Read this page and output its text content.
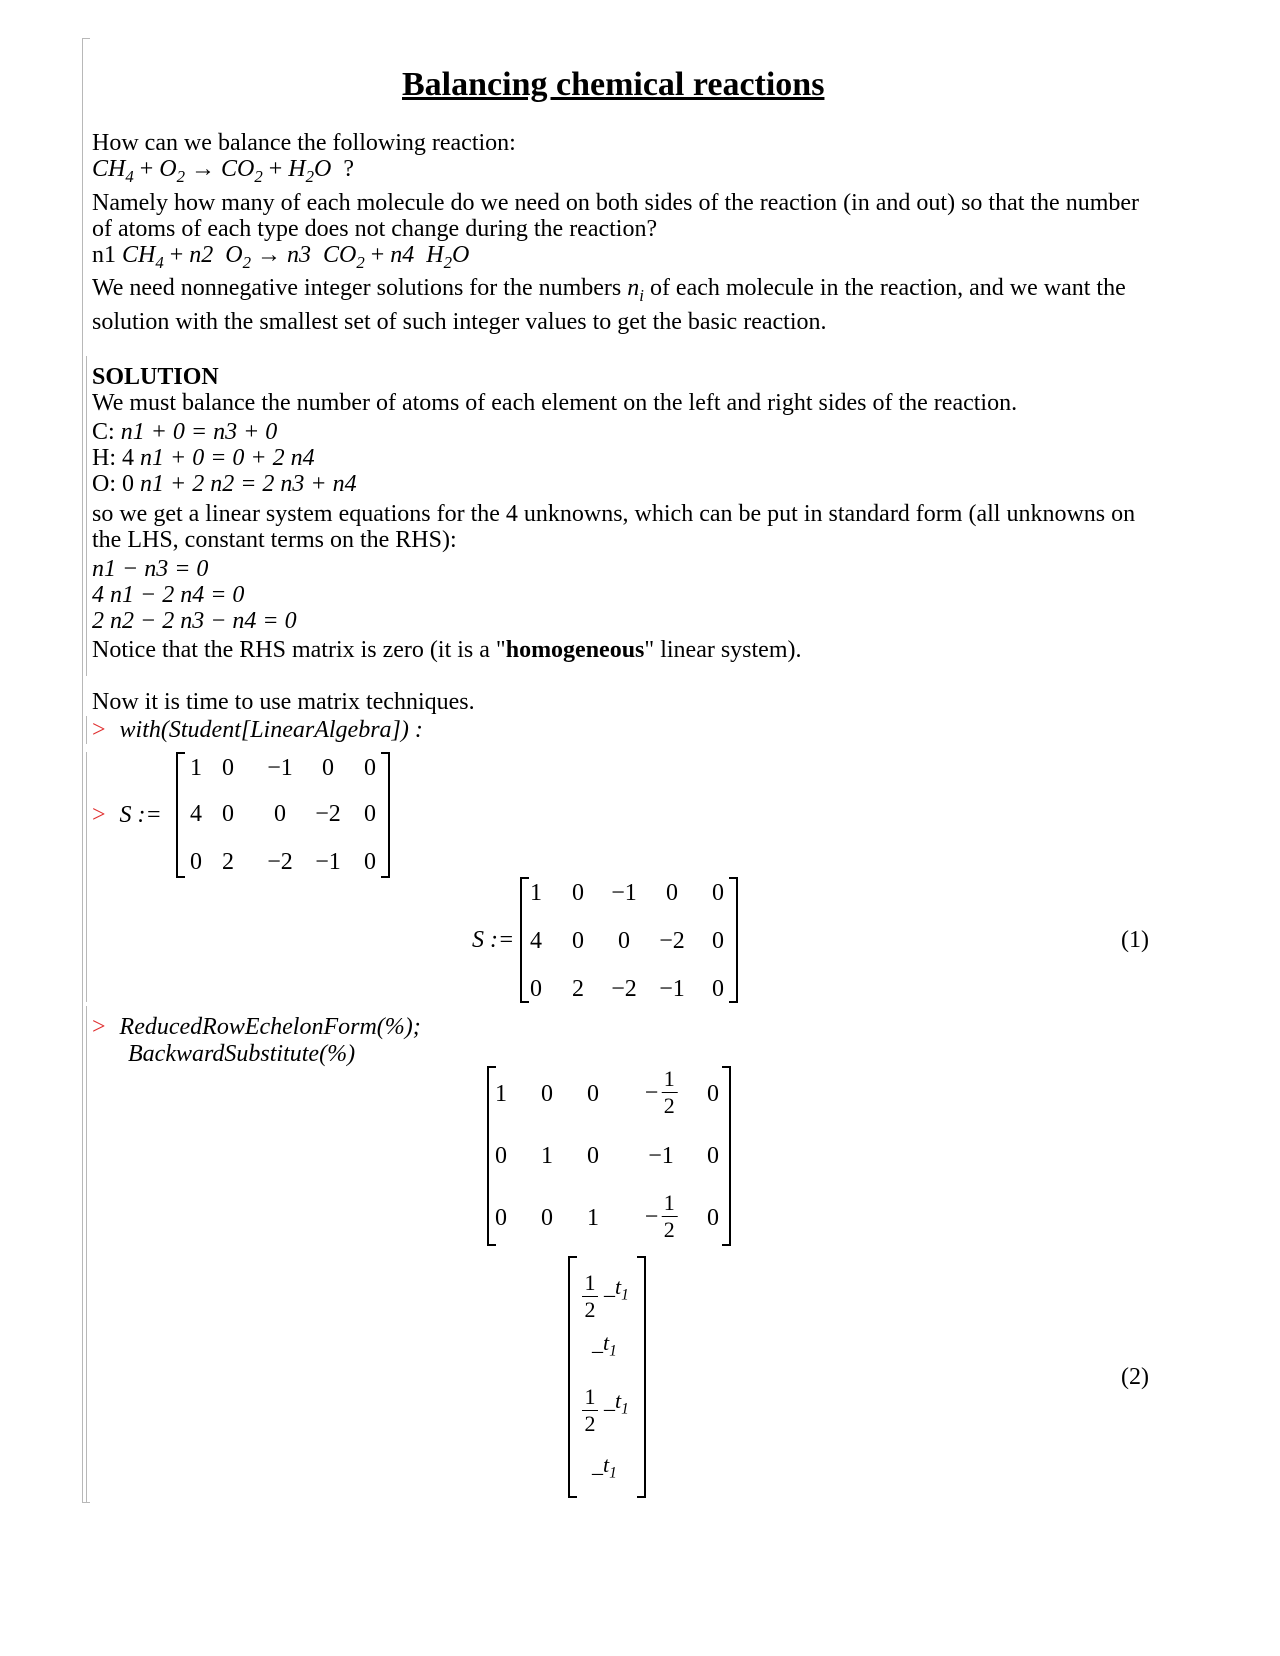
Balancing chemical reactions
How can we balance the following reaction:
$CH_4 + O_2 \to CO_2 + H_2O$ ?
Namely how many of each molecule do we need on both sides of the reaction (in and out) so that the number
of atoms of each type does not change during the reaction?
n1 $CH_4 + n2$ $O_2 \to n3$ $CO_2 + n4$ $H_2O$
We need nonnegative integer solutions for the numbers $n_i$ of each molecule in the reaction, and we want the
solution with the smallest set of such integer values to get the basic reaction.
SOLUTION
We must balance the number of atoms of each element on the left and right sides of the reaction.
C: n1 + 0 = n3 + 0
H: 4 n1 + 0 = 0 + 2 n4
O: 0 n1 + 2 n2 = 2 n3 + n4
so we get a linear system equations for the 4 unknowns, which can be put in standard form (all unknowns on
the LHS, constant terms on the RHS):
n1 − n3 = 0
4 n1 − 2 n4 = 0
2 n2 − 2 n3 − n4 = 0
Notice that the RHS matrix is zero (it is a "homogeneous" linear system).
Now it is time to use matrix techniques.
> with(Student[LinearAlgebra]) :
> S :=
1 0 −1 0 0
4 0 0 −2 0
0 2 −2 −1 0
S :=
1 0 −1 0 0
4 0 0 −2 0
0 2 −2 −1 0
(1)
> ReducedRowEchelonForm(%);
BackwardSubstitute(%)
1 0 0 −
1
2 0
0 1 0 −1 0
0 0 1 −
1
2 0
1
2
$\_t_1$
$\_t_1$
1
2
$\_t_1$
$\_t_1$
(2)
